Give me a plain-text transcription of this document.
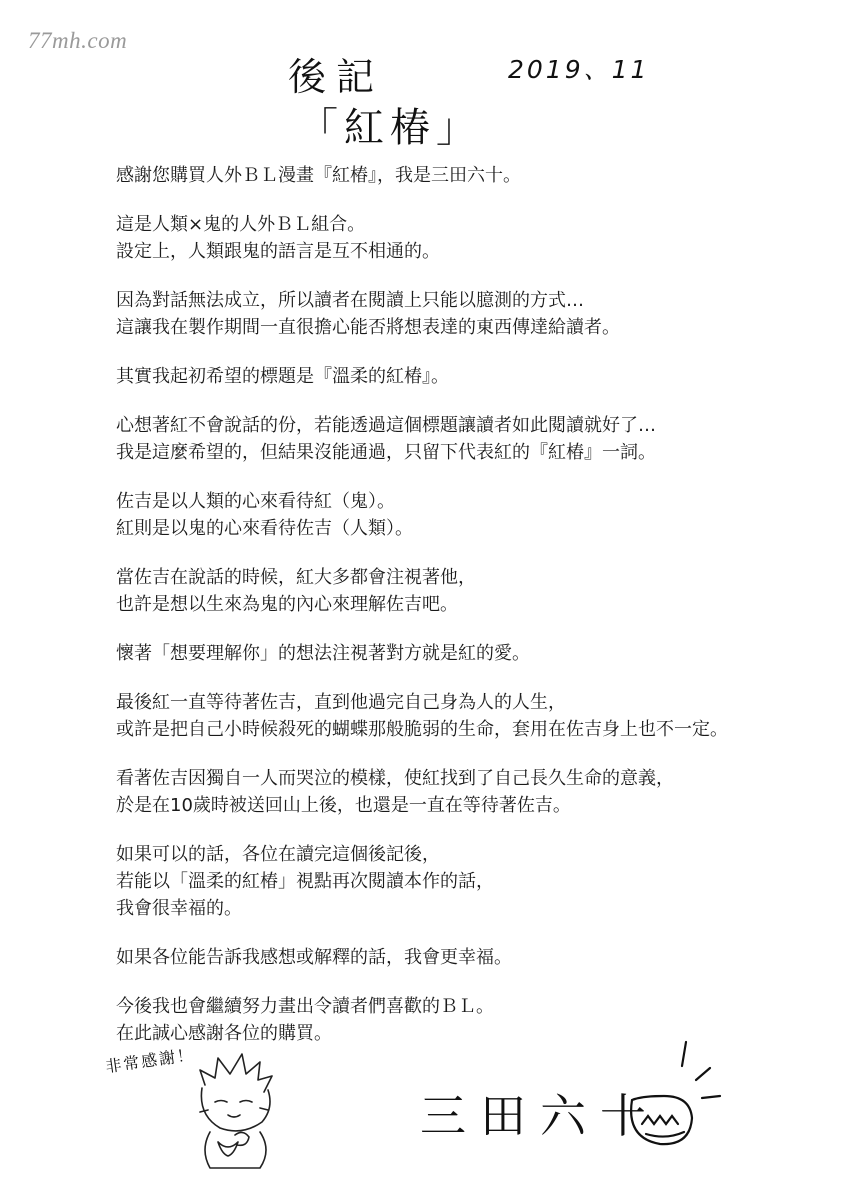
77mh.com
後記	2019、11
「紅椿」

感謝您購買人外ＢＬ漫畫『紅椿』，我是三田六十。

這是人類×鬼的人外ＢＬ組合。
設定上，人類跟鬼的語言是互不相通的。

因為對話無法成立，所以讀者在閱讀上只能以臆測的方式…
這讓我在製作期間一直很擔心能否將想表達的東西傳達給讀者。

其實我起初希望的標題是『溫柔的紅椿』。

心想著紅不會說話的份，若能透過這個標題讓讀者如此閱讀就好了…
我是這麼希望的，但結果沒能通過，只留下代表紅的『紅椿』一詞。

佐吉是以人類的心來看待紅（鬼）。
紅則是以鬼的心來看待佐吉（人類）。

當佐吉在說話的時候，紅大多都會注視著他，
也許是想以生來為鬼的內心來理解佐吉吧。

懷著「想要理解你」的想法注視著對方就是紅的愛。

最後紅一直等待著佐吉，直到他過完自己身為人的人生，
或許是把自己小時候殺死的蝴蝶那般脆弱的生命，套用在佐吉身上也不一定。

看著佐吉因獨自一人而哭泣的模樣，使紅找到了自己長久生命的意義，
於是在10歲時被送回山上後，也還是一直在等待著佐吉。

如果可以的話，各位在讀完這個後記後，
若能以「溫柔的紅椿」視點再次閱讀本作的話，
我會很幸福的。

如果各位能告訴我感想或解釋的話，我會更幸福。

今後我也會繼續努力畫出令讀者們喜歡的ＢＬ。
在此誠心感謝各位的購買。

非常感謝！
三田六十
